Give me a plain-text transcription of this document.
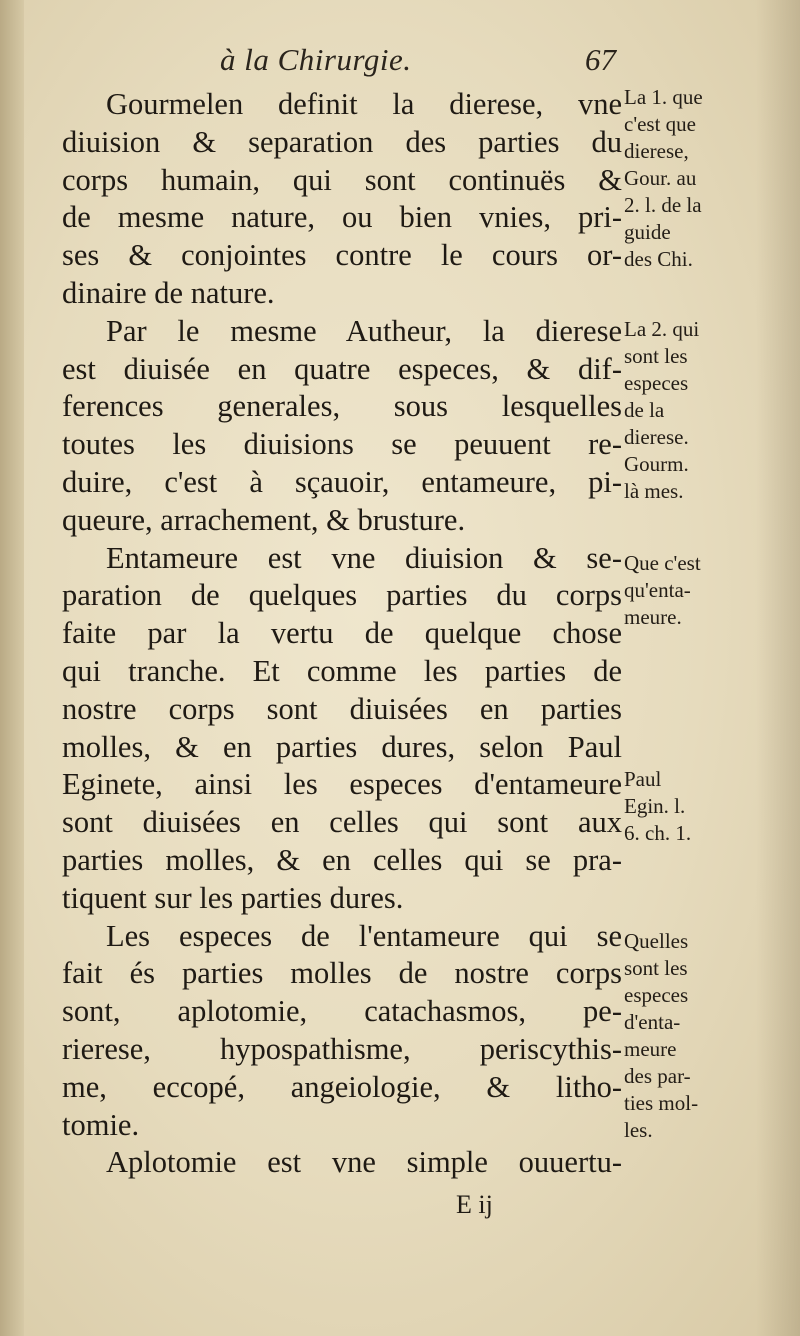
à la Chirurgie.	67
Gourmelen definit la dierese, vne
diuision & separation des parties du
corps humain, qui sont continuës &
de mesme nature, ou bien vnies, pri-
ses & conjointes contre le cours or-
dinaire de nature.
Par le mesme Autheur, la dierese
est diuisée en quatre especes, & dif-
ferences generales, sous lesquelles
toutes les diuisions se peuuent re-
duire, c'est à sçauoir, entameure, pi-
queure, arrachement, & brusture.
Entameure est vne diuision & se-
paration de quelques parties du corps
faite par la vertu de quelque chose
qui tranche. Et comme les parties de
nostre corps sont diuisées en parties
molles, & en parties dures, selon Paul
Eginete, ainsi les especes d'entameure
sont diuisées en celles qui sont aux
parties molles, & en celles qui se pra-
tiquent sur les parties dures.
Les especes de l'entameure qui se
fait és parties molles de nostre corps
sont, aplotomie, catachasmos, pe-
rierese, hypospathisme, periscythis-
me, eccopé, angeiologie, & litho-
tomie.
Aplotomie est vne simple ouuertu-
La 1. que
c'est que
dierese,
Gour. au
2. l. de la
guide
des Chi.
La 2. qui
sont les
especes
de la
dierese.
Gourm.
là mes.
Que c'est
qu'enta-
meure.
Paul
Egin. l.
6. ch. 1.
Quelles
sont les
especes
d'enta-
meure
des par-
ties mol-
les.
E ij
